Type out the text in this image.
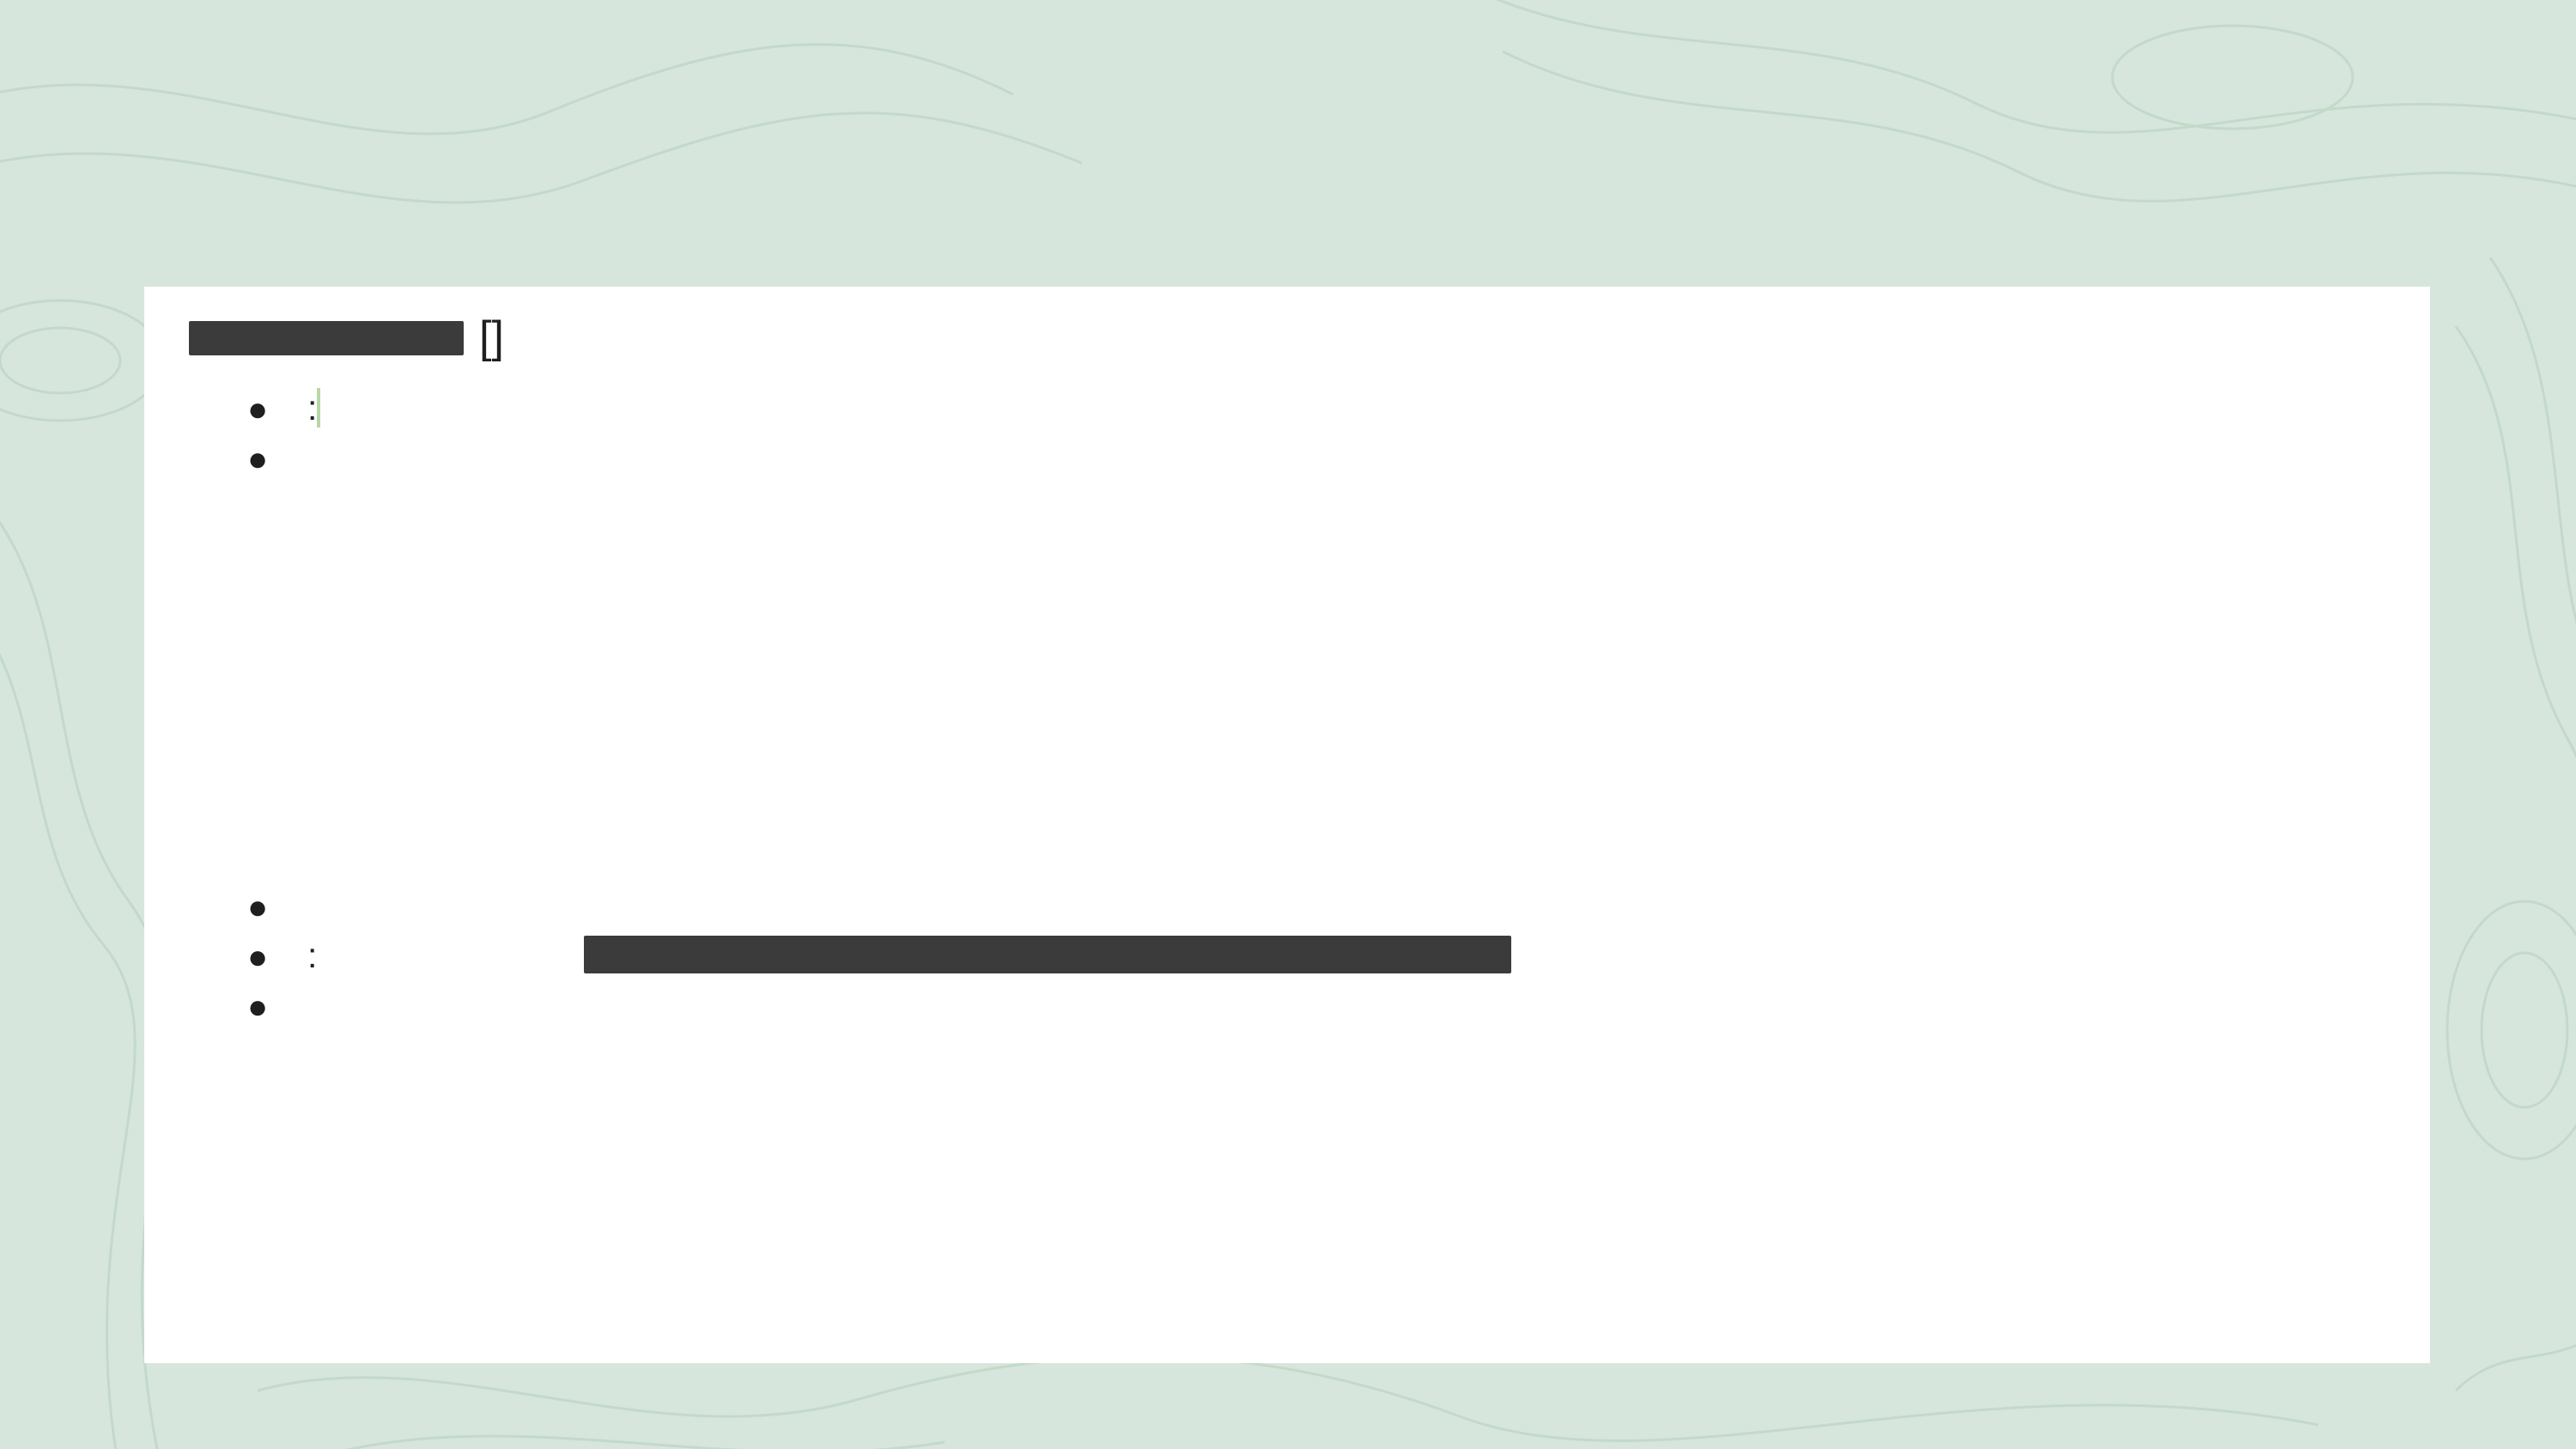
[]
● :
●
●
● :
●
